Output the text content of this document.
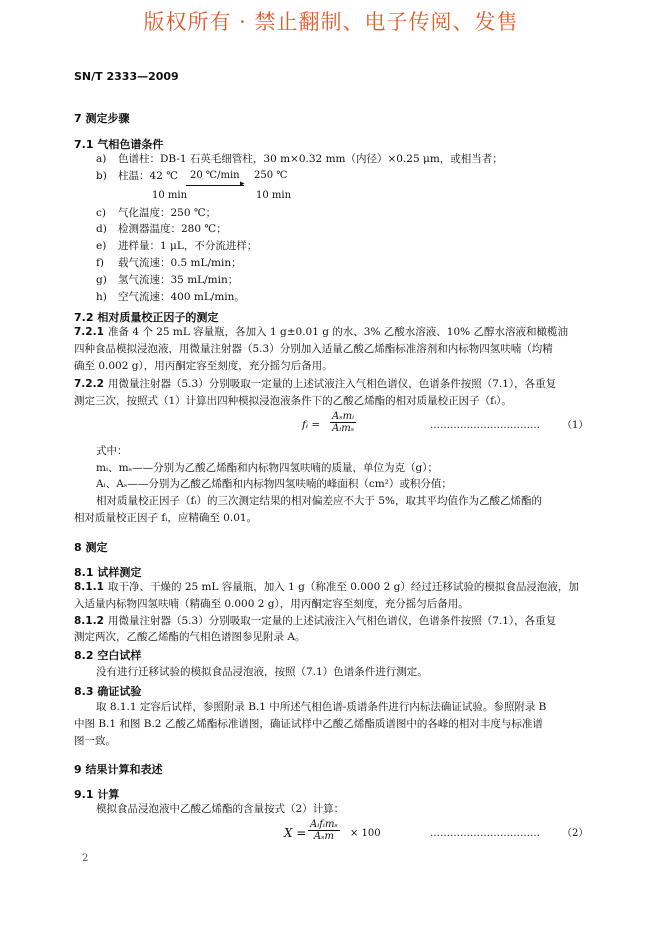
版权所有 · 禁止翻制、电子传阅、发售
SN/T 2333—2009
7 测定步骤
7.1 气相色谱条件
a) 色谱柱：DB-1 石英毛细管柱，30 m×0.32 mm（内径）×0.25 μm，或相当者；
b) 柱温：42 ℃ 20 ℃/min
▸
250 ℃
10 min	10 min
c) 气化温度：250 ℃；
d) 检测器温度：280 ℃；
e) 进样量：1 μL，不分流进样；
f) 载气流速：0.5 mL/min；
g) 氢气流速：35 mL/min；
h) 空气流速：400 mL/min。
7.2 相对质量校正因子的测定
7.2.1 准备 4 个 25 mL 容量瓶，各加入 1 g±0.01 g 的水、3% 乙酸水溶液、10% 乙醇水溶液和橄榄油
四种食品模拟浸泡液，用微量注射器（5.3）分别加入适量乙酸乙烯酯标准溶剂和内标物四氢呋喃（均精
确至 0.002 g），用丙酮定容至刻度，充分摇匀后备用。
7.2.2 用微量注射器（5.3）分别吸取一定量的上述试液注入气相色谱仪，色谱条件按照（7.1），各重复
测定三次，按照式（1）计算出四种模拟浸泡液条件下的乙酸乙烯酯的相对质量校正因子（fᵢ）。
fᵢ = $\frac{\text{Aₛmᵢ}}{\text{Aᵢmₛ}}$	…………………………… （1）
式中：
mᵢ、mₛ——分别为乙酸乙烯酯和内标物四氢呋喃的质量，单位为克（g）；
Aᵢ、Aₛ——分别为乙酸乙烯酯和内标物四氢呋喃的峰面积（cm²）或积分值；
相对质量校正因子（fᵢ）的三次测定结果的相对偏差应不大于 5%，取其平均值作为乙酸乙烯酯的
相对质量校正因子 fᵢ，应精确至 0.01。
8 测定
8.1 试样测定
8.1.1 取干净、干燥的 25 mL 容量瓶，加入 1 g（称准至 0.000 2 g）经过迁移试验的模拟食品浸泡液，加
入适量内标物四氢呋喃（精确至 0.000 2 g），用丙酮定容至刻度，充分摇匀后备用。
8.1.2 用微量注射器（5.3）分别吸取一定量的上述试液注入气相色谱仪，色谱条件按照（7.1），各重复
测定两次，乙酸乙烯酯的气相色谱图参见附录 A。
8.2 空白试样
没有进行迁移试验的模拟食品浸泡液，按照（7.1）色谱条件进行测定。
8.3 确证试验
取 8.1.1 定容后试样，参照附录 B.1 中所述气相色谱-质谱条件进行内标法确证试验。参照附录 B
中图 B.1 和图 B.2 乙酸乙烯酯标准谱图，确证试样中乙酸乙烯酯质谱图中的各峰的相对丰度与标准谱
图一致。
9 结果计算和表述
9.1 计算
模拟食品浸泡液中乙酸乙烯酯的含量按式（2）计算：
$X = \frac{\text{Aᵢfᵢmₛ}}{\text{Aₛm}} \times 100$	…………………………… （2）
2
